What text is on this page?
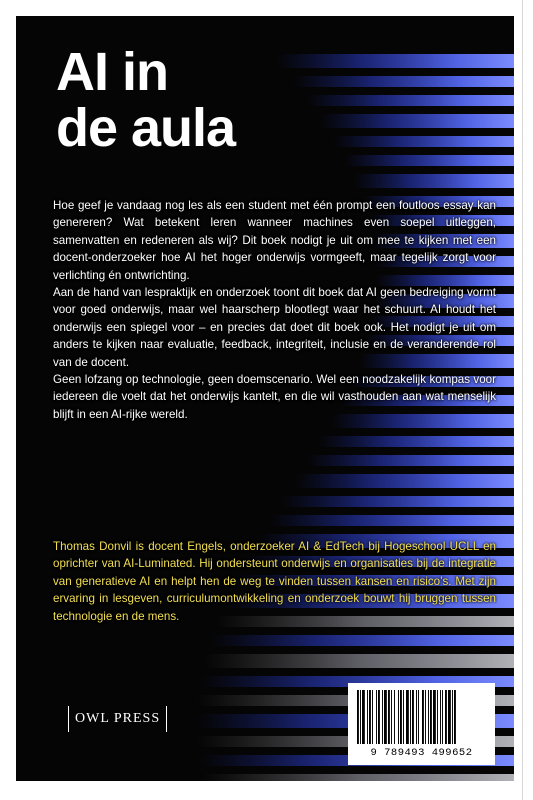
AI in
de aula

Hoe geef je vandaag nog les als een student met één prompt een foutloos essay kan genereren? Wat betekent leren wanneer machines even soepel uitleggen, samenvatten en redeneren als wij? Dit boek nodigt je uit om mee te kijken met een docent-onderzoeker hoe AI het hoger onderwijs vormgeeft, maar tegelijk zorgt voor verlichting én ontwrichting.

Aan de hand van lespraktijk en onderzoek toont dit boek dat AI geen bedreiging vormt voor goed onderwijs, maar wel haarscherp blootlegt waar het schuurt. AI houdt het onderwijs een spiegel voor – en precies dat doet dit boek ook. Het nodigt je uit om anders te kijken naar evaluatie, feedback, integriteit, inclusie en de veranderende rol van de docent.

Geen lofzang op technologie, geen doemscenario. Wel een noodzakelijk kompas voor iedereen die voelt dat het onderwijs kantelt, en die wil vasthouden aan wat menselijk blijft in een AI-rijke wereld.

Thomas Donvil is docent Engels, onderzoeker AI & EdTech bij Hogeschool UCLL en oprichter van AI-Luminated. Hij ondersteunt onderwijs en organisaties bij de integratie van generatieve AI en helpt hen de weg te vinden tussen kansen en risico’s. Met zijn ervaring in lesgeven, curriculumontwikkeling en onderzoek bouwt hij bruggen tussen technologie en de mens.
OWL PRESS
9 789493 499652
